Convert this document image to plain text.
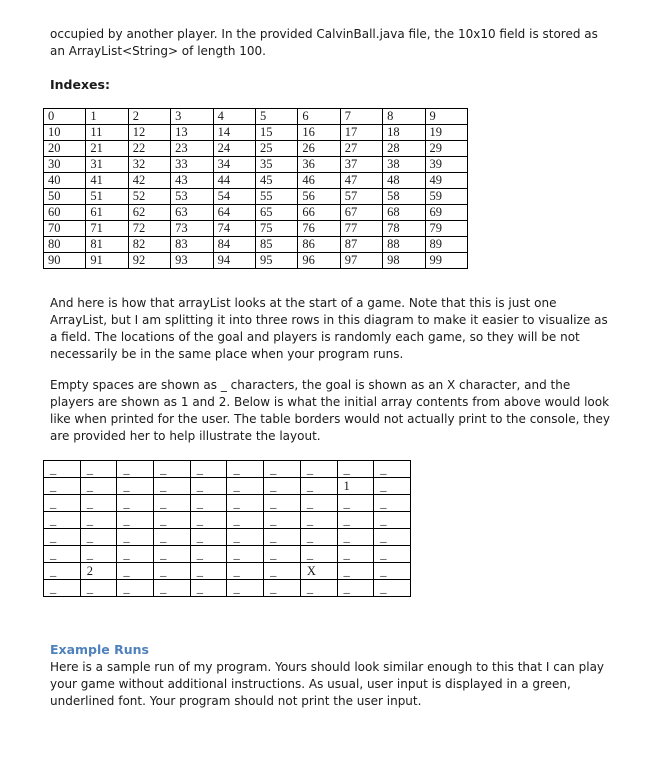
occupied by another player. In the provided CalvinBall.java file, the 10x10 field is stored as an ArrayList<String> of length 100.

Indexes:
0	1	2	3	4	5	6	7	8	9
10	11	12	13	14	15	16	17	18	19
20	21	22	23	24	25	26	27	28	29
30	31	32	33	34	35	36	37	38	39
40	41	42	43	44	45	46	47	48	49
50	51	52	53	54	55	56	57	58	59
60	61	62	63	64	65	66	67	68	69
70	71	72	73	74	75	76	77	78	79
80	81	82	83	84	85	86	87	88	89
90	91	92	93	94	95	96	97	98	99

And here is how that arrayList looks at the start of a game. Note that this is just one ArrayList, but I am splitting it into three rows in this diagram to make it easier to visualize as a field. The locations of the goal and players is randomly each game, so they will be not necessarily be in the same place when your program runs.

Empty spaces are shown as _ characters, the goal is shown as an X character, and the players are shown as 1 and 2. Below is what the initial array contents from above would look like when printed for the user. The table borders would not actually print to the console, they are provided her to help illustrate the layout.

_	_	_	_	_	_	_	_	_	_
_	_	_	_	_	_	_	_	1	_
_	_	_	_	_	_	_	_	_	_
_	_	_	_	_	_	_	_	_	_
_	_	_	_	_	_	_	_	_	_
_	_	_	_	_	_	_	_	_	_
_	2	_	_	_	_	_	X	_	_
_	_	_	_	_	_	_	_	_	_
Example Runs

Here is a sample run of my program. Yours should look similar enough to this that I can play your game without additional instructions. As usual, user input is displayed in a green, underlined font. Your program should not print the user input.
